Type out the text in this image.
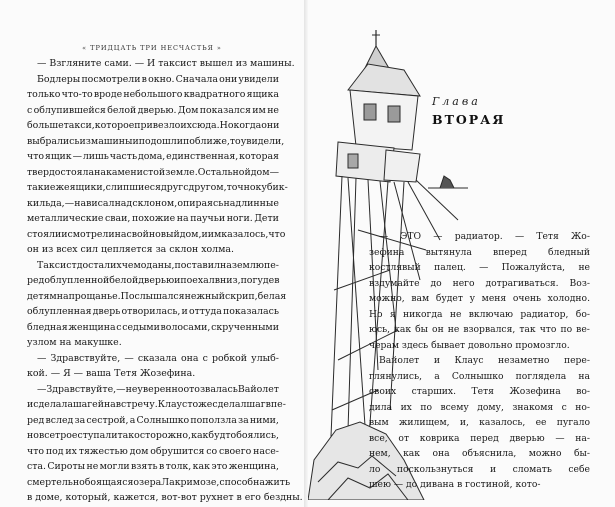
« ТРИДЦАТЬ ТРИ НЕСЧАСТЬЯ »
— Взгляните сами. — И таксист вышел из машины.
Бодлеры посмотрели в окно. Сначала они увидели
только что-то вроде небольшого квадратного ящика
с облупившейся белой дверью. Дом показался им не
больше такси, которое привезло их сюда. Но когда они
выбрались из машины и подошли поближе, то увидели,
что ящик — лишь часть дома, единственная, которая
твердо стояла на каменистой земле. Остальной дом —
такие же ящики, слипшиеся друг с другом, точно кубик-
ки льда, — нависал над склоном, опираясь на длинные
металлические сваи, похожие на паучьи ноги. Дети
стояли и смотрели на свой новый дом, и им казалось, что
он из всех сил цепляется за склон холма.
Таксист достал их чемоданы, поставил на землю пе-
ред облупленной белой дверью и поехал вниз, погудев
детям на прощанье. Послышался нежный скрип, белая
облупленная дверь отворилась, и оттуда показалась
бледная женщина с седыми волосами, скрученными
узлом на макушке.
— Здравствуйте, — сказала она с робкой улыб-
кой. — Я — ваша Тетя Жозефина.
— Здравствуйте, — неуверенно отозвалась Вайолет
и сделала шаг ей навстречу. Клаус тоже сделал шаг впе-
ред вслед за сестрой, а Солнышко поползла за ними,
но все трое ступали так осторожно, как будто боялись,
что под их тяжестью дом обрушится со своего насе-
ста. Сироты не могли взять в толк, как это женщина,
смертельно боящаяся озера Лакримозе, способна жить
в доме, который, кажется, вот-вот рухнет в его бездны.
Глава
ВТОРАЯ
— ЭТО — радиатор. — Тетя Жо-
зефина вытянула вперед бледный
костлявый палец. — Пожалуйста, не
вздумайте до него дотрагиваться. Воз-
можно, вам будет у меня очень холодно.
Но я никогда не включаю радиатор, бо-
юсь, как бы он не взорвался, так что по ве-
черам здесь бывает довольно промозгло.
Вайолет и Клаус незаметно пере-
глянулись, а Солнышко поглядела на
своих старших. Тетя Жозефина во-
дила их по всему дому, знакомя с но-
вым жилищем, и, казалось, ее пугало
все, от коврика перед дверью — на-
нем, как она объяснила, можно бы-
ло поскользнуться и сломать себе
шею — до дивана в гостиной, кото-
